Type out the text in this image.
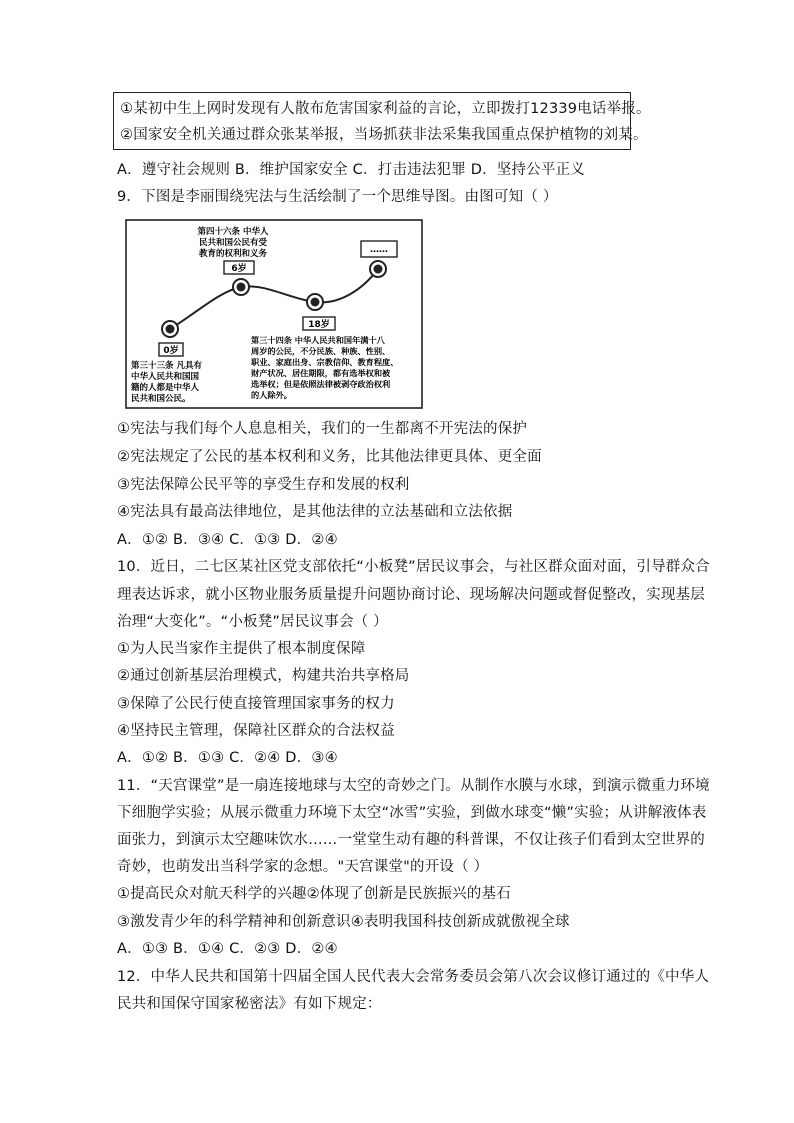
①某初中生上网时发现有人散布危害国家利益的言论，立即拨打12339电话举报。
②国家安全机关通过群众张某举报，当场抓获非法采集我国重点保护植物的刘某。
A．遵守社会规则 B．维护国家安全 C．打击违法犯罪 D．坚持公平正义
9．下图是李丽围绕宪法与生活绘制了一个思维导图。由图可知（ ）
0岁
6岁
18岁
……
第四十六条 中华人
民共和国公民有受
教育的权利和义务
第三十三条 凡具有
中华人民共和国国
籍的人都是中华人
民共和国公民。
第三十四条 中华人民共和国年满十八
周岁的公民，不分民族、种族、性别、
职业、家庭出身、宗教信仰、教育程度、
财产状况、居住期限，都有选举权和被
选举权；但是依照法律被剥夺政治权利
的人除外。
①宪法与我们每个人息息相关，我们的一生都离不开宪法的保护
②宪法规定了公民的基本权利和义务，比其他法律更具体、更全面
③宪法保障公民平等的享受生存和发展的权利
④宪法具有最高法律地位，是其他法律的立法基础和立法依据
A．①② B．③④ C．①③ D．②④
10．近日，二七区某社区党支部依托“小板凳”居民议事会，与社区群众面对面，引导群众合
理表达诉求，就小区物业服务质量提升问题协商讨论、现场解决问题或督促整改，实现基层
治理“大变化”。“小板凳”居民议事会（ ）
①为人民当家作主提供了根本制度保障
②通过创新基层治理模式，构建共治共享格局
③保障了公民行使直接管理国家事务的权力
④坚持民主管理，保障社区群众的合法权益
A．①② B．①③ C．②④ D．③④
11．“天宫课堂”是一扇连接地球与太空的奇妙之门。从制作水膜与水球，到演示微重力环境
下细胞学实验；从展示微重力环境下太空“冰雪”实验，到做水球变“懒”实验；从讲解液体表
面张力，到演示太空趣味饮水……一堂堂生动有趣的科普课，不仅让孩子们看到太空世界的
奇妙，也萌发出当科学家的念想。"天宫课堂"的开设（ ）
①提高民众对航天科学的兴趣②体现了创新是民族振兴的基石
③激发青少年的科学精神和创新意识④表明我国科技创新成就傲视全球
A．①③ B．①④ C．②③ D．②④
12．中华人民共和国第十四届全国人民代表大会常务委员会第八次会议修订通过的《中华人
民共和国保守国家秘密法》有如下规定：
